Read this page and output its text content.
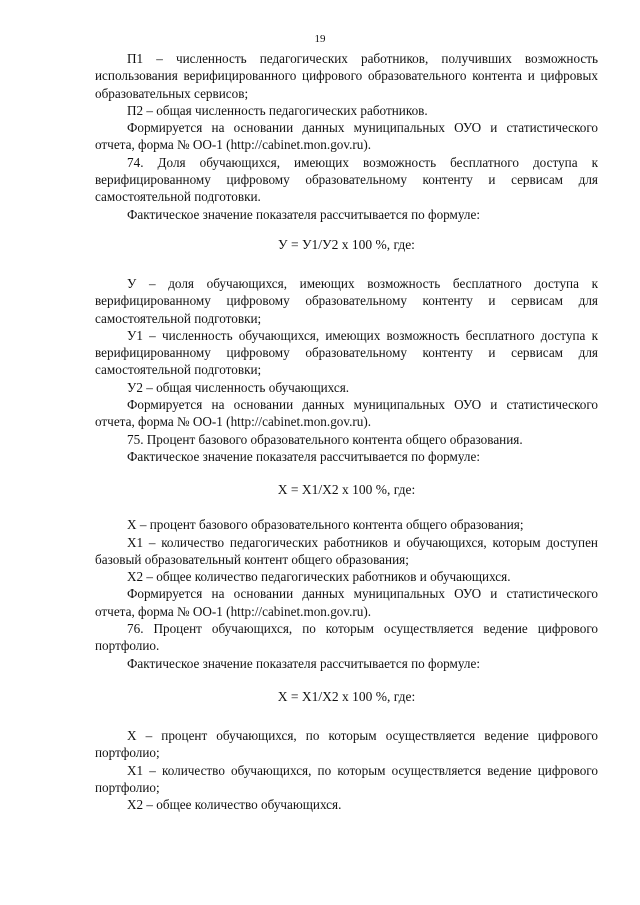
19

П1 – численность педагогических работников, получивших возможность использования верифицированного цифрового образовательного контента и цифровых образовательных сервисов;

П2 – общая численность педагогических работников.

Формируется на основании данных муниципальных ОУО и статистического отчета, форма № ОО-1 (http://cabinet.mon.gov.ru).

74. Доля обучающихся, имеющих возможность бесплатного доступа к верифицированному цифровому образовательному контенту и сервисам для самостоятельной подготовки.

Фактическое значение показателя рассчитывается по формуле:

У = У1/У2 х 100 %, где:

У – доля обучающихся, имеющих возможность бесплатного доступа к верифицированному цифровому образовательному контенту и сервисам для самостоятельной подготовки;

У1 – численность обучающихся, имеющих возможность бесплатного доступа к верифицированному цифровому образовательному контенту и сервисам для самостоятельной подготовки;

У2 – общая численность обучающихся.

Формируется на основании данных муниципальных ОУО и статистического отчета, форма № ОО-1 (http://cabinet.mon.gov.ru).

75. Процент базового образовательного контента общего образования.

Фактическое значение показателя рассчитывается по формуле:

Х = Х1/Х2 х 100 %, где:

Х – процент базового образовательного контента общего образования;

Х1 – количество педагогических работников и обучающихся, которым доступен базовый образовательный контент общего образования;

Х2 – общее количество педагогических работников и обучающихся.

Формируется на основании данных муниципальных ОУО и статистического отчета, форма № ОО-1 (http://cabinet.mon.gov.ru).

76. Процент обучающихся, по которым осуществляется ведение цифрового портфолио.

Фактическое значение показателя рассчитывается по формуле:

Х = Х1/Х2 х 100 %, где:

Х – процент обучающихся, по которым осуществляется ведение цифрового портфолио;

Х1 – количество обучающихся, по которым осуществляется ведение цифрового портфолио;

Х2 – общее количество обучающихся.
